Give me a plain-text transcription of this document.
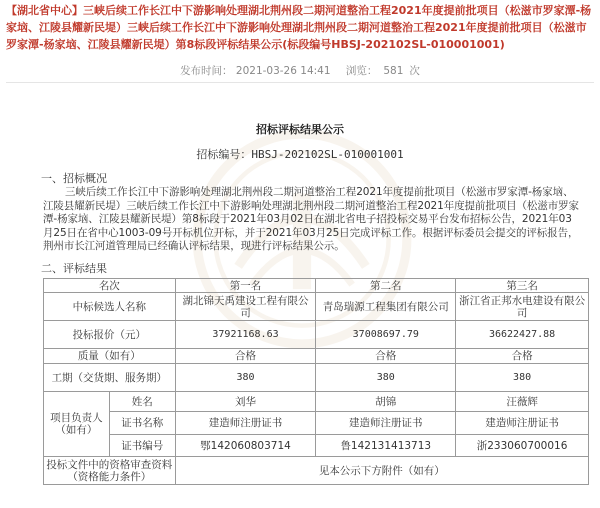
【湖北省中心】三峡后续工作长江中下游影响处理湖北荆州段二期河道整治工程2021年度提前批项目（松滋市罗家潭-杨家垴、江陵县耀新民堤）三峡后续工作长江中下游影响处理湖北荆州段二期河道整治工程2021年度提前批项目（松滋市罗家潭-杨家垴、江陵县耀新民堤）第8标段评标结果公示(标段编号HBSJ-202102SL-010001001)
发布时间： 2021-03-26 14:41 浏览： 581 次
招标评标结果公示
招标编号：HBSJ-202102SL-010001001
一、招标概况
三峡后续工作长江中下游影响处理湖北荆州段二期河道整治工程2021年度提前批项目（松滋市罗家潭-杨家垴、江陵县耀新民堤）三峡后续工作长江中下游影响处理湖北荆州段二期河道整治工程2021年度提前批项目（松滋市罗家潭-杨家垴、江陵县耀新民堤）第8标段于2021年03月02日在湖北省电子招投标交易平台发布招标公告，2021年03月25日在省中心1003-09号开标机位开标，并于2021年03月25日完成评标工作。根据评标委员会提交的评标报告，荆州市长江河道管理局已经确认评标结果，现进行评标结果公示。
二、评标结果
名次		第一名	第二名	第三名
中标候选人名称		湖北锦天禹建设工程有限公司	青岛瑞源工程集团有限公司	浙江省正邦水电建设有限公司
投标报价（元）		37921168.63	37008697.79	36622427.88
质量（如有）		合格	合格	合格
工期（交货期、服务期）		380	380	380
项目负责人（如有）	姓名	刘华	胡锦	汪薇辉
	证书名称	建造师注册证书	建造师注册证书	建造师注册证书
	证书编号	鄂142060803714	鲁142131413713	浙233060700016
投标文件中的资格审查资料（资格能力条件）		见本公示下方附件（如有）		
